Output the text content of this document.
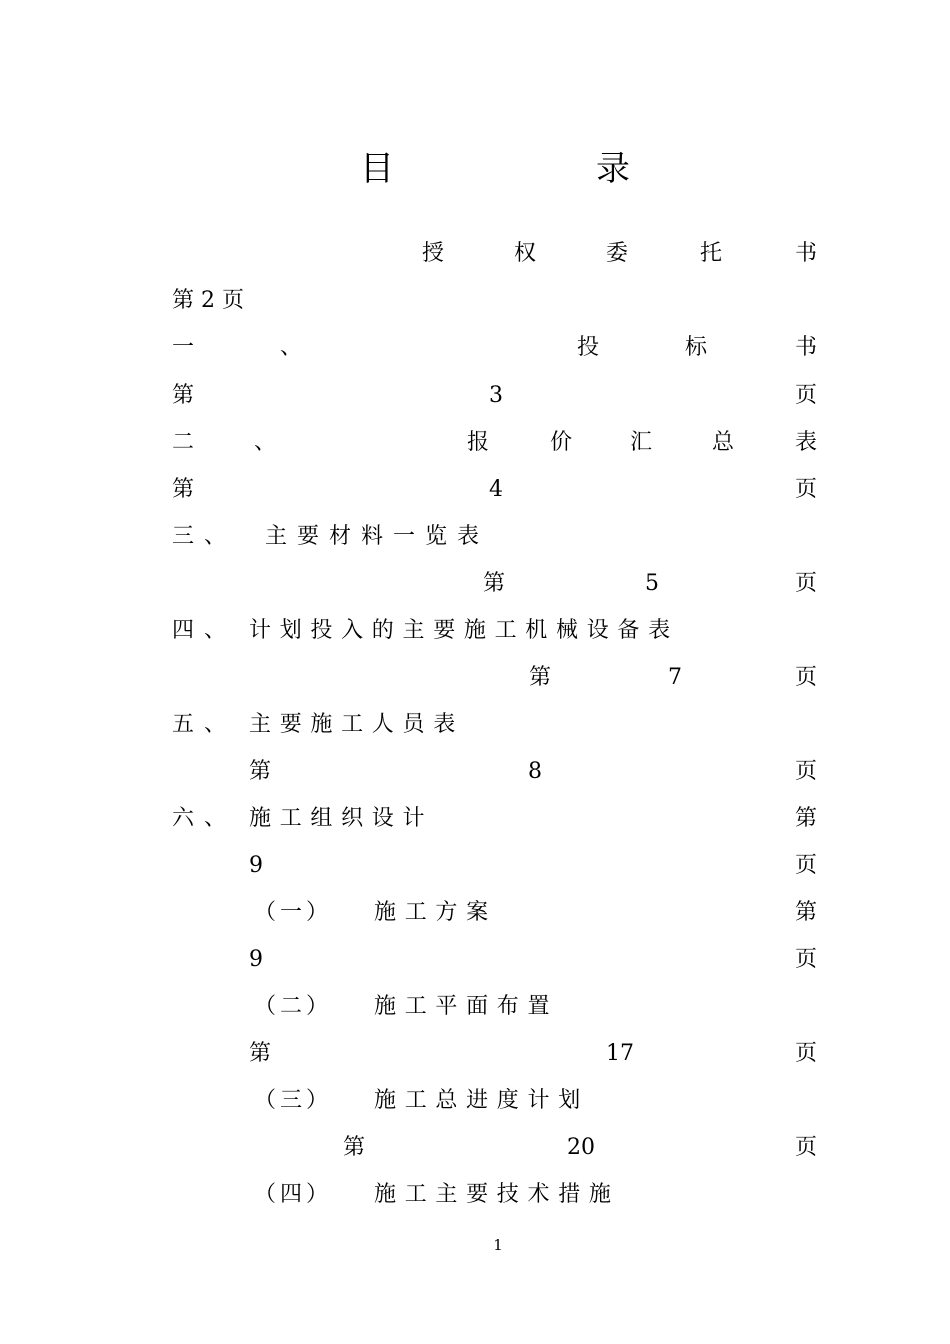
目	录
授	权	委	托	书
第 2 页
一	、	投	标	书
第	3	页
二	、	报	价	汇	总	表
第	4	页
三、 主要材料一览表
第	5	页
四、 计划投入的主要施工机械设备表
第	7	页
五、 主要施工人员表
第	8	页
六、 施工组织设计	第
9	页
（一） 施工方案	第
9	页
（二） 施工平面布置
第	17	页
（三） 施工总进度计划
第	20	页
（四） 施工主要技术措施
1
